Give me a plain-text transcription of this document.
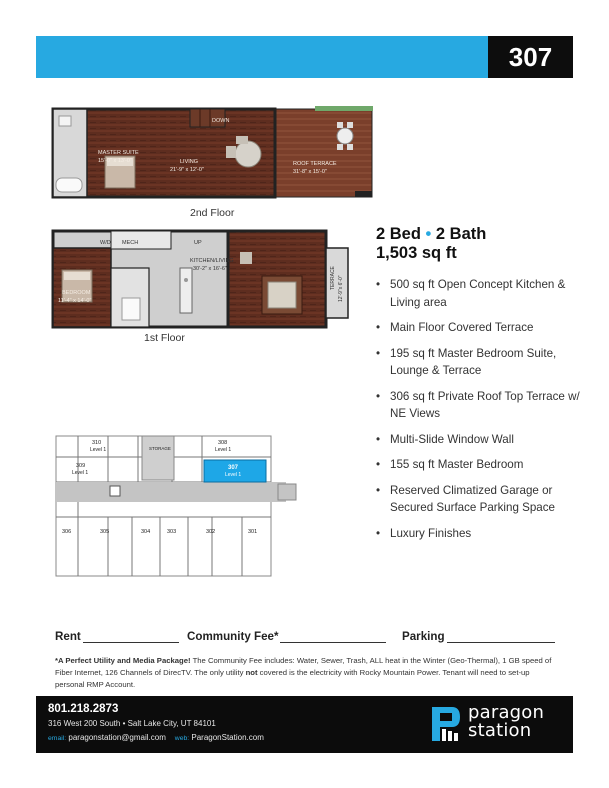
307
DOWN
MASTER SUITE
15'-0" x 13'-0"	LIVING
21'-9" x 12'-0"
ROOF TERRACE
31'-8" x 15'-0"
2nd Floor
W/D MECH	UP
KITCHEN/LIVING
30'-2" x 16'-6"
BEDROOM
11'-4" x 14'-0"
TERRACE 12'-9"x 6'-0"
1st Floor
310
Level 1	STORAGE
308
Level 1
309
Level 1
307
Level 1
306	305	304	303	302	301
2 Bed • 2 Bath
1,503 sq ft
• 500 sq ft Open Concept Kitchen & Living area
• Main Floor Covered Terrace
• 195 sq ft Master Bedroom Suite, Lounge & Terrace
• 306 sq ft Private Roof Top Terrace w/ NE Views
• Multi-Slide Window Wall
• 155 sq ft Master Bedroom
• Reserved Climatized Garage or Secured Surface Parking Space
• Luxury Finishes
Rent	Community Fee*	Parking
*A Perfect Utility and Media Package! The Community Fee includes: Water, Sewer, Trash, ALL heat in the Winter (Geo-Thermal), 1 GB speed of Fiber Internet, 126 Channels of DirecTV. The only utility not covered is the electricity with Rocky Mountain Power. Tenant will need to set-up personal RMP Account.
801.218.2873
316 West 200 South • Salt Lake City, UT 84101
email: paragonstation@gmail.com web: ParagonStation.com
paragon
station
